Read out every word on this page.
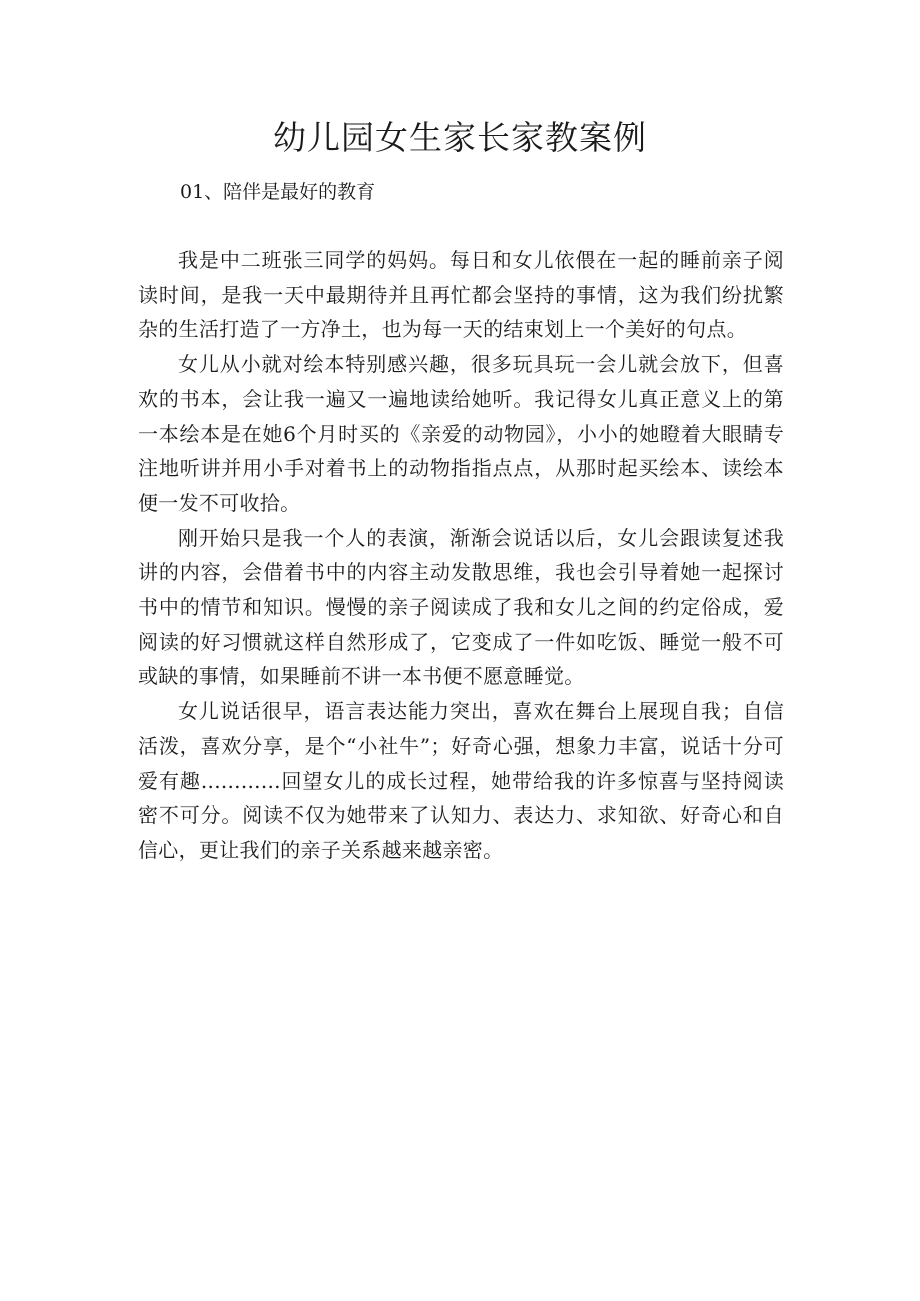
幼儿园女生家长家教案例

01、陪伴是最好的教育

我是中二班张三同学的妈妈。每日和女儿依偎在一起的睡前亲子阅读时间，是我一天中最期待并且再忙都会坚持的事情，这为我们纷扰繁杂的生活打造了一方净土，也为每一天的结束划上一个美好的句点。

女儿从小就对绘本特别感兴趣，很多玩具玩一会儿就会放下，但喜欢的书本，会让我一遍又一遍地读给她听。我记得女儿真正意义上的第一本绘本是在她6个月时买的《亲爱的动物园》，小小的她瞪着大眼睛专注地听讲并用小手对着书上的动物指指点点，从那时起买绘本、读绘本便一发不可收拾。

刚开始只是我一个人的表演，渐渐会说话以后，女儿会跟读复述我讲的内容，会借着书中的内容主动发散思维，我也会引导着她一起探讨书中的情节和知识。慢慢的亲子阅读成了我和女儿之间的约定俗成，爱阅读的好习惯就这样自然形成了，它变成了一件如吃饭、睡觉一般不可或缺的事情，如果睡前不讲一本书便不愿意睡觉。

女儿说话很早，语言表达能力突出，喜欢在舞台上展现自我；自信活泼，喜欢分享，是个“小社牛”；好奇心强，想象力丰富，说话十分可爱有趣............回望女儿的成长过程，她带给我的许多惊喜与坚持阅读密不可分。阅读不仅为她带来了认知力、表达力、求知欲、好奇心和自信心，更让我们的亲子关系越来越亲密。
